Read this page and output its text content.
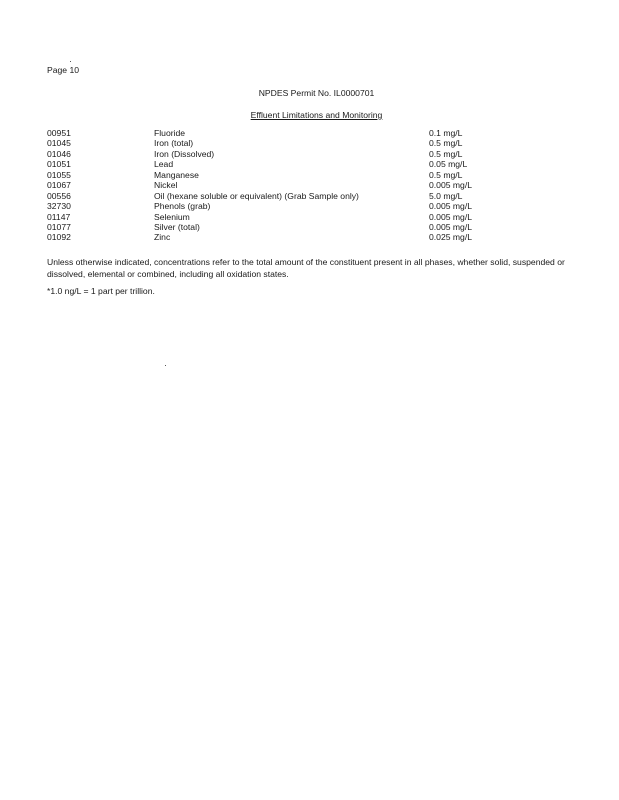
Page 10
NPDES Permit No. IL0000701
Effluent Limitations and Monitoring
00951	Fluoride	0.1 mg/L
01045	Iron (total)	0.5 mg/L
01046	Iron (Dissolved)	0.5 mg/L
01051	Lead	0.05 mg/L
01055	Manganese	0.5 mg/L
01067	Nickel	0.005 mg/L
00556	Oil (hexane soluble or equivalent) (Grab Sample only)	5.0 mg/L
32730	Phenols (grab)	0.005 mg/L
01147	Selenium	0.005 mg/L
01077	Silver (total)	0.005 mg/L
01092	Zinc	0.025 mg/L
Unless otherwise indicated, concentrations refer to the total amount of the constituent present in all phases, whether solid, suspended or dissolved, elemental or combined, including all oxidation states.
*1.0 ng/L = 1 part per trillion.
